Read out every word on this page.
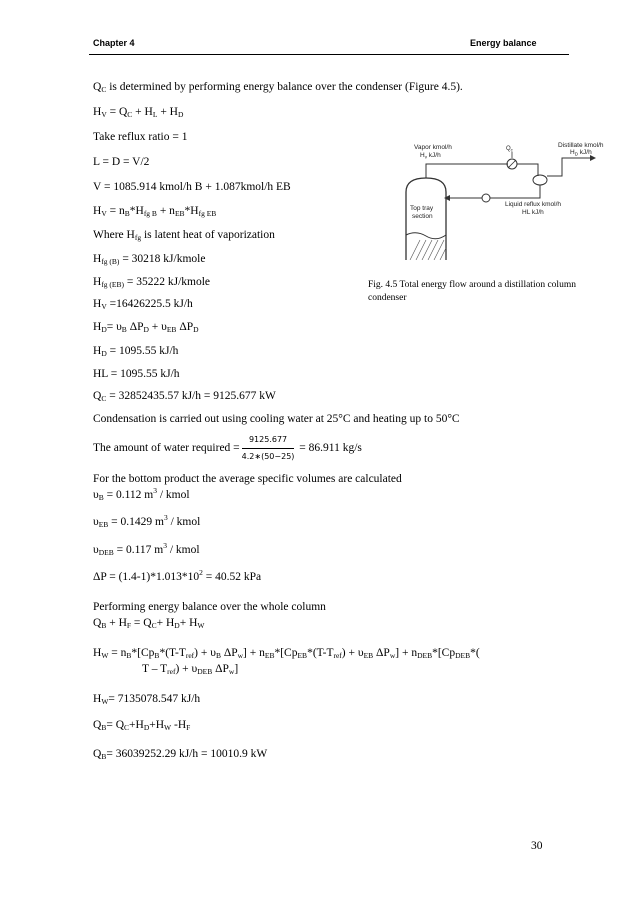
Chapter 4	Energy balance
$Q_C$ is determined by performing energy balance over the condenser (Figure 4.5).
$H_V = Q_C + H_L + H_D$
Take reflux ratio = 1
L = D = V/2
V = 1085.914 kmol/h B + 1.087kmol/h EB
$H_V = n_B*H_{fg B} + n_{EB}*H_{fg EB}$
Where $H_{fg}$ is latent heat of vaporization
$H_{fg (B)} = 30218$ kJ/kmole
$H_{fg (EB)} = 35222$ kJ/kmole
$H_V =16426225.5$ kJ/h
$H_D= \upsilon_B$ $\Delta P_D + \upsilon_{EB}$ $\Delta P_D$
$H_D = 1095.55$ kJ/h
HL = 1095.55 kJ/h
$Q_C = 32852435.57$ kJ/h = 9125.677 kW
Condensation is carried out using cooling water at 25°C and heating up to 50°C
The amount of water required = $\frac{9125.677}{4.2∗(50-25)} = 86.911$ kg/s
For the bottom product the average specific volumes are calculated
$\upsilon_B = 0.112$ $m^3$ / kmol
$\upsilon_{EB} = 0.1429$ $m^3$ / kmol
$\upsilon_{DEB} = 0.117$ $m^3$ / kmol
$\Delta P = (1.4-1)*1.013*10^2 = 40.52$ kPa
Performing energy balance over the whole column
$Q_B + H_F = Q_C+ H_D+ H_W$
$H_W = n_B*[Cp_B*(T-T_{ref}) + \upsilon_B$ $\Delta P_w] + n_{EB}*[Cp_{EB}*(T-T_{ref}) + \upsilon_{EB}$ $\Delta P_w] + n_{DEB}*[Cp_{DEB}*$(
$T - T_{ref}) + \upsilon_{DEB}$ $\Delta P_w$]
$H_W= 7135078.547$ kJ/h
$Q_B= Q_C+H_D+H_W$ $-H_F$
$Q_B= 36039252.29$ kJ/h = 10010.9 kW
Vapor kmol/h
$H_v$ kJ/h
$Q_c$
Distillate kmol/h
$H_D$ kJ/h
Liquid reflux kmol/h
HL kJ/h
Top tray
section
Fig. 4.5 Total energy flow around a distillation column condenser
30
